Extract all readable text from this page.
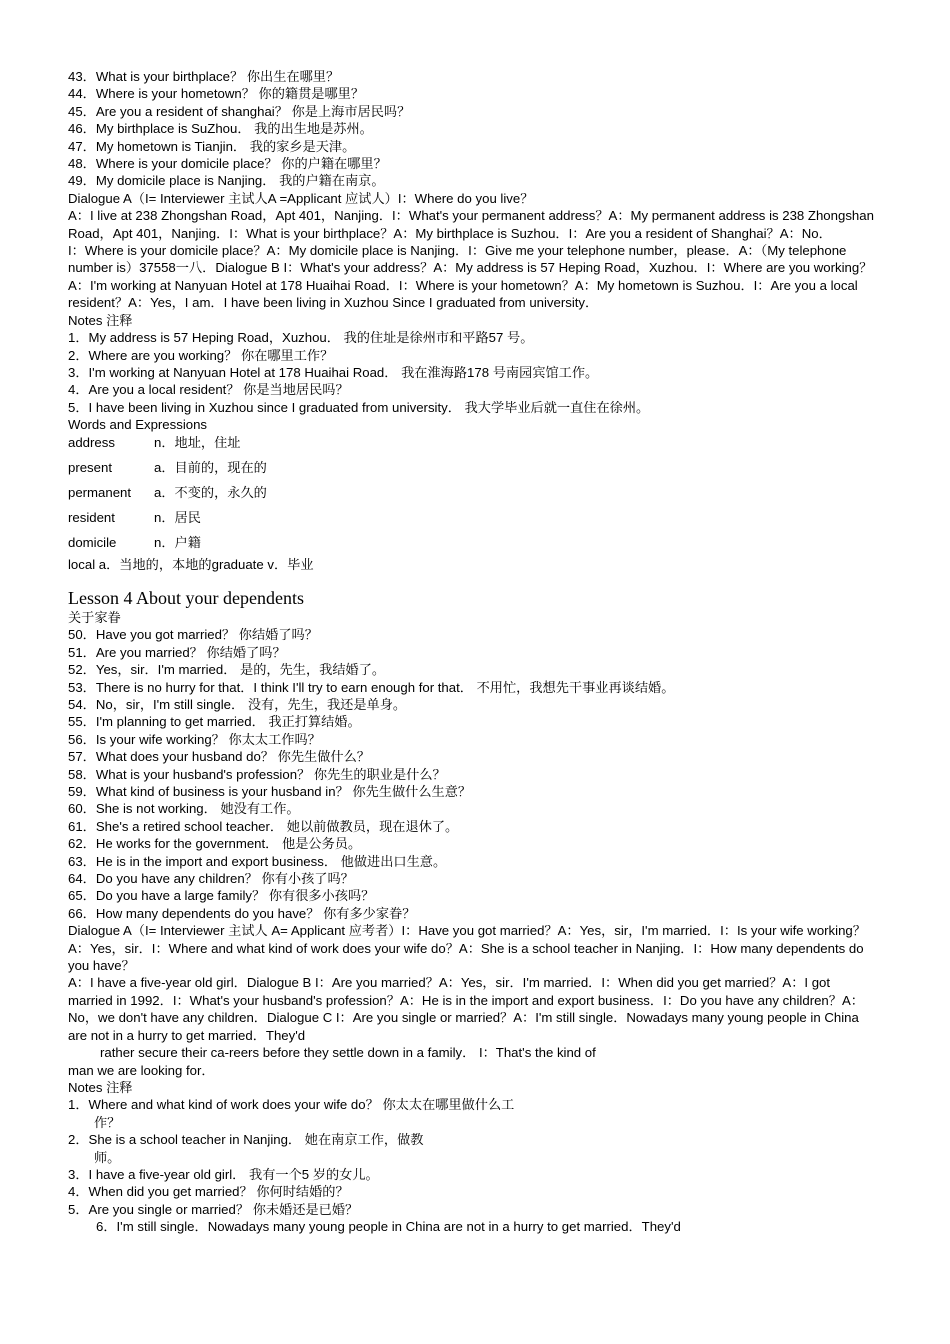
43．What is your birthplace？ 你出生在哪里？
44．Where is your hometown？ 你的籍贯是哪里？
45．Are you a resident of shanghai？ 你是上海市居民吗？
46．My birthplace is SuZhou． 我的出生地是苏州。
47．My hometown is Tianjin． 我的家乡是天津。
48．Where is your domicile place？ 你的户籍在哪里？
49．My domicile place is Nanjing． 我的户籍在南京。
Dialogue A（I= Interviewer 主试人A =Applicant 应试人）I：Where do you live？
A：I live at 238 Zhongshan Road，Apt 401，Nanjing．I：What's your permanent address？A：My permanent address is 238 Zhongshan Road，Apt 401，Nanjing．I：What is your birthplace？A：My birthplace is Suzhou．I：Are you a resident of Shanghai？A：No．
I：Where is your domicile place？A：My domicile place is Nanjing．I：Give me your telephone number，please．A：（My telephone number is）37558一八．Dialogue B I：What's your address？A：My address is 57 Heping Road，Xuzhou．I：Where are you working？A：I'm working at Nanyuan Hotel at 178 Huaihai Road．I：Where is your hometown？A：My hometown is Suzhou．I：Are you a local resident？A：Yes，I am．I have been living in Xuzhou Since I graduated from university．
Notes 注释
1．My address is 57 Heping Road，Xuzhou． 我的住址是徐州市和平路57 号。
2．Where are you working？ 你在哪里工作？
3．I'm working at Nanyuan Hotel at 178 Huaihai Road． 我在淮海路178 号南园宾馆工作。
4．Are you a local resident？ 你是当地居民吗？
5．I have been living in Xuzhou since I graduated from university． 我大学毕业后就一直住在徐州。
Words and Expressions
address	n．地址，住址
present	a．目前的，现在的
permanent	a．不变的，永久的
resident	n．居民
domicile	n．户籍
local a．当地的，本地的graduate v．毕业
Lesson 4 About your dependents
关于家眷
50．Have you got married？ 你结婚了吗？
51．Are you married？ 你结婚了吗？
52．Yes，sir．I'm married． 是的，先生，我结婚了。
53．There is no hurry for that．I think I'll try to earn enough for that． 不用忙，我想先干事业再谈结婚。
54．No，sir，I'm still single． 没有，先生，我还是单身。
55．I'm planning to get married． 我正打算结婚。
56．Is your wife working？ 你太太工作吗？
57．What does your husband do？ 你先生做什么？
58．What is your husband's profession？ 你先生的职业是什么？
59．What kind of business is your husband in？ 你先生做什么生意？
60．She is not working． 她没有工作。
61．She's a retired school teacher． 她以前做教员，现在退休了。
62．He works for the government． 他是公务员。
63．He is in the import and export business． 他做进出口生意。
64．Do you have any children？ 你有小孩了吗？
65．Do you have a large family？ 你有很多小孩吗？
66．How many dependents do you have？ 你有多少家眷？
Dialogue A（I= Interviewer 主试人 A= Applicant 应考者）I：Have you got married？A：Yes，sir，I'm married．I：Is your wife working？A：Yes，sir．I：Where and what kind of work does your wife do？A：She is a school teacher in Nanjing．I：How many dependents do you have？
A：I have a five-year old girl．Dialogue B I：Are you married？A：Yes，sir．I'm married．I：When did you get married？A：I got married in 1992．I：What's your husband's profession？A：He is in the import and export business．I：Do you have any children？A：No，we don't have any children．Dialogue C I：Are you single or married？A：I'm still single．Nowadays many young people in China are not in a hurry to get married．They'd
rather secure their ca-reers before they settle down in a family． I：That's the kind of
man we are looking for．
Notes 注释
1．Where and what kind of work does your wife do？ 你太太在哪里做什么工
作？
2．She is a school teacher in Nanjing． 她在南京工作，做教
师。
3．I have a five-year old girl． 我有一个5 岁的女儿。
4．When did you get married？ 你何时结婚的？
5．Are you single or married？ 你未婚还是已婚？
6．I'm still single．Nowadays many young people in China are not in a hurry to get married．They'd
